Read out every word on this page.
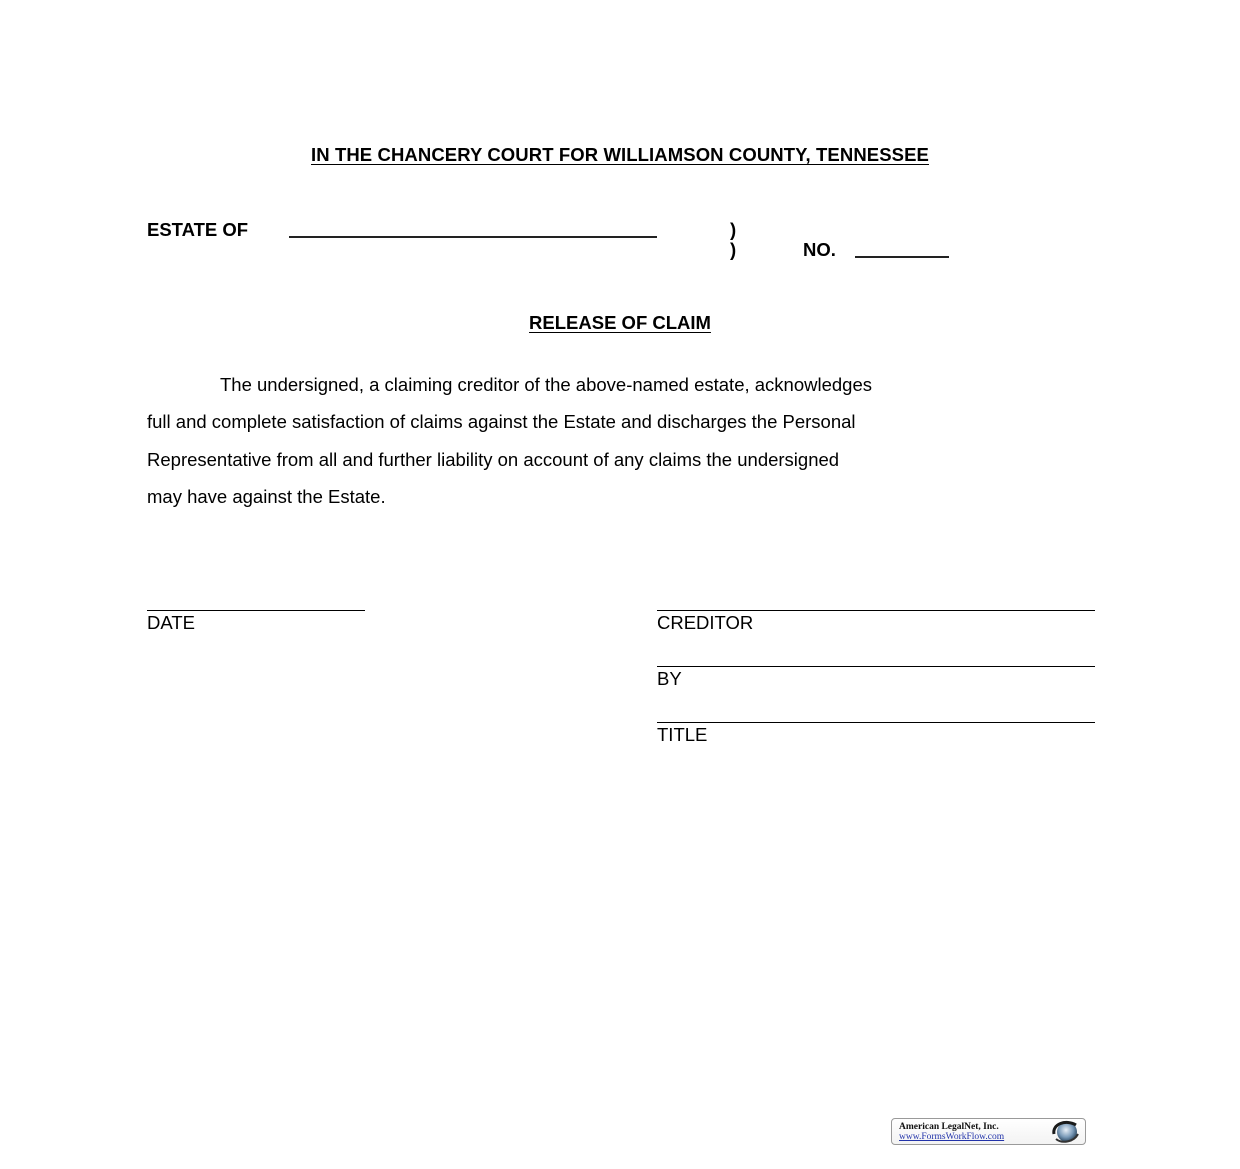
IN THE CHANCERY COURT FOR WILLIAMSON COUNTY, TENNESSEE
ESTATE OF	)
)	NO.
RELEASE OF CLAIM
The undersigned, a claiming creditor of the above-named estate, acknowledges
full and complete satisfaction of claims against the Estate and discharges the Personal
Representative from all and further liability on account of any claims the undersigned
may have against the Estate.
DATE	CREDITOR
BY
TITLE
American LegalNet, Inc.
www.FormsWorkFlow.com
